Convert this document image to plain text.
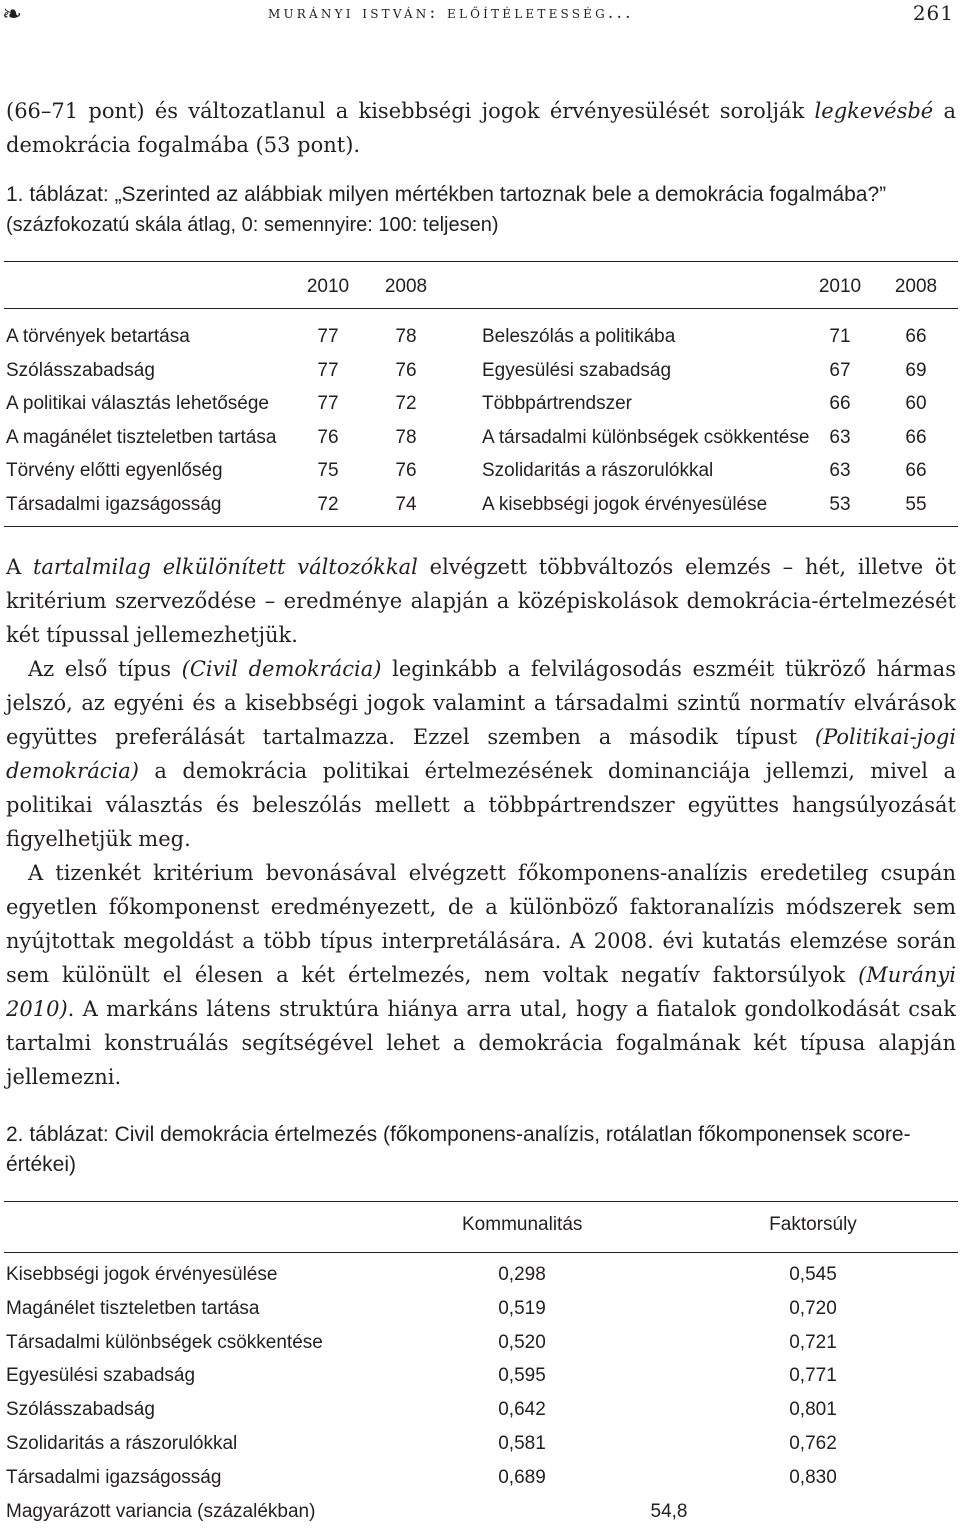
❧	murányi istván: előítéletesség...	261

(66–71 pont) és változatlanul a kisebbségi jogok érvényesülését sorolják legkevésbé a demokrácia fogalmába (53 pont).

1. táblázat: „Szerinted az alábbiak milyen mértékben tartoznak bele a demokrácia fogalmába?” (százfokozatú skála átlag, 0: semennyire: 100: teljesen)

2010 2008	2010 2008
A törvények betartása	77	78	Beleszólás a politikába	71	66
Szólásszabadság	77	76	Egyesülési szabadság	67	69
A politikai választás lehetősége	77	72	Többpártrendszer	66	60
A magánélet tiszteletben tartása	76	78	A társadalmi különbségek csökkentése	63	66
Törvény előtti egyenlőség	75	76	Szolidaritás a rászorulókkal	63	66
Társadalmi igazságosság	72	74	A kisebbségi jogok érvényesülése	53	55

A tartalmilag elkülönített változókkal elvégzett többváltozós elemzés – hét, illetve öt kritérium szerveződése – eredménye alapján a középiskolások demokrácia-értelmezését két típussal jellemezhetjük.

Az első típus (Civil demokrácia) leginkább a felvilágosodás eszméit tükröző hármas jelszó, az egyéni és a kisebbségi jogok valamint a társadalmi szintű normatív elvárások együttes preferálását tartalmazza. Ezzel szemben a második típust (Politikai-jogi demokrácia) a demokrácia politikai értelmezésének dominanciája jellemzi, mivel a politikai választás és beleszólás mellett a többpártrendszer együttes hangsúlyozását figyelhetjük meg.

A tizenkét kritérium bevonásával elvégzett főkomponens-analízis eredetileg csupán egyetlen főkomponenst eredményezett, de a különböző faktoranalízis módszerek sem nyújtottak megoldást a több típus interpretálására. A 2008. évi kutatás elemzése során sem különült el élesen a két értelmezés, nem voltak negatív faktorsúlyok (Murányi 2010). A markáns látens struktúra hiánya arra utal, hogy a fiatalok gondolkodását csak tartalmi konstruálás segítségével lehet a demokrácia fogalmának két típusa alapján jellemezni.

2. táblázat: Civil demokrácia értelmezés (főkomponens-analízis, rotálatlan főkomponensek score-értékei)

Kommunalitás	Faktorsúly
Kisebbségi jogok érvényesülése	0,298	0,545
Magánélet tiszteletben tartása	0,519	0,720
Társadalmi különbségek csökkentése	0,520	0,721
Egyesülési szabadság	0,595	0,771
Szólásszabadság	0,642	0,801
Szolidaritás a rászorulókkal	0,581	0,762
Társadalmi igazságosság	0,689	0,830
Magyarázott variancia (százalékban)	54,8
